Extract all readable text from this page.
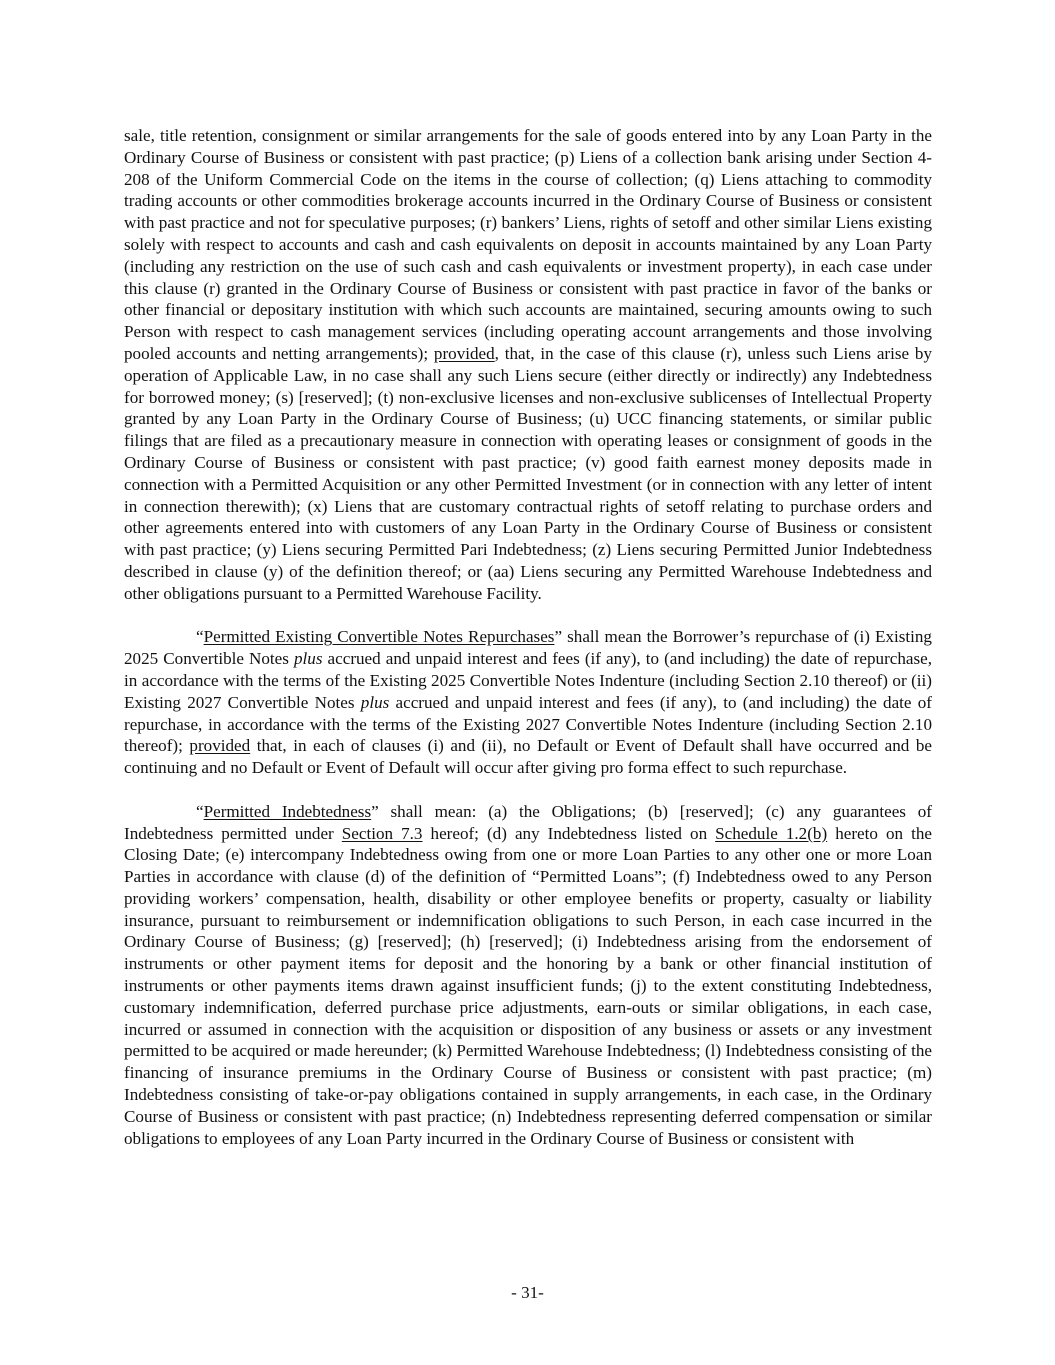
sale, title retention, consignment or similar arrangements for the sale of goods entered into by any Loan Party in the Ordinary Course of Business or consistent with past practice; (p) Liens of a collection bank arising under Section 4-208 of the Uniform Commercial Code on the items in the course of collection; (q) Liens attaching to commodity trading accounts or other commodities brokerage accounts incurred in the Ordinary Course of Business or consistent with past practice and not for speculative purposes; (r) bankers’ Liens, rights of setoff and other similar Liens existing solely with respect to accounts and cash and cash equivalents on deposit in accounts maintained by any Loan Party (including any restriction on the use of such cash and cash equivalents or investment property), in each case under this clause (r) granted in the Ordinary Course of Business or consistent with past practice in favor of the banks or other financial or depositary institution with which such accounts are maintained, securing amounts owing to such Person with respect to cash management services (including operating account arrangements and those involving pooled accounts and netting arrangements); provided, that, in the case of this clause (r), unless such Liens arise by operation of Applicable Law, in no case shall any such Liens secure (either directly or indirectly) any Indebtedness for borrowed money; (s) [reserved]; (t) non-exclusive licenses and non-exclusive sublicenses of Intellectual Property granted by any Loan Party in the Ordinary Course of Business; (u) UCC financing statements, or similar public filings that are filed as a precautionary measure in connection with operating leases or consignment of goods in the Ordinary Course of Business or consistent with past practice; (v) good faith earnest money deposits made in connection with a Permitted Acquisition or any other Permitted Investment (or in connection with any letter of intent in connection therewith); (x) Liens that are customary contractual rights of setoff relating to purchase orders and other agreements entered into with customers of any Loan Party in the Ordinary Course of Business or consistent with past practice; (y) Liens securing Permitted Pari Indebtedness; (z) Liens securing Permitted Junior Indebtedness described in clause (y) of the definition thereof; or (aa) Liens securing any Permitted Warehouse Indebtedness and other obligations pursuant to a Permitted Warehouse Facility.

“Permitted Existing Convertible Notes Repurchases” shall mean the Borrower’s repurchase of (i) Existing 2025 Convertible Notes plus accrued and unpaid interest and fees (if any), to (and including) the date of repurchase, in accordance with the terms of the Existing 2025 Convertible Notes Indenture (including Section 2.10 thereof) or (ii) Existing 2027 Convertible Notes plus accrued and unpaid interest and fees (if any), to (and including) the date of repurchase, in accordance with the terms of the Existing 2027 Convertible Notes Indenture (including Section 2.10 thereof); provided that, in each of clauses (i) and (ii), no Default or Event of Default shall have occurred and be continuing and no Default or Event of Default will occur after giving pro forma effect to such repurchase.

“Permitted Indebtedness” shall mean: (a) the Obligations; (b) [reserved]; (c) any guarantees of Indebtedness permitted under Section 7.3 hereof; (d) any Indebtedness listed on Schedule 1.2(b) hereto on the Closing Date; (e) intercompany Indebtedness owing from one or more Loan Parties to any other one or more Loan Parties in accordance with clause (d) of the definition of “Permitted Loans”; (f) Indebtedness owed to any Person providing workers’ compensation, health, disability or other employee benefits or property, casualty or liability insurance, pursuant to reimbursement or indemnification obligations to such Person, in each case incurred in the Ordinary Course of Business; (g) [reserved]; (h) [reserved]; (i) Indebtedness arising from the endorsement of instruments or other payment items for deposit and the honoring by a bank or other financial institution of instruments or other payments items drawn against insufficient funds; (j) to the extent constituting Indebtedness, customary indemnification, deferred purchase price adjustments, earn-outs or similar obligations, in each case, incurred or assumed in connection with the acquisition or disposition of any business or assets or any investment permitted to be acquired or made hereunder; (k) Permitted Warehouse Indebtedness; (l) Indebtedness consisting of the financing of insurance premiums in the Ordinary Course of Business or consistent with past practice; (m) Indebtedness consisting of take-or-pay obligations contained in supply arrangements, in each case, in the Ordinary Course of Business or consistent with past practice; (n) Indebtedness representing deferred compensation or similar obligations to employees of any Loan Party incurred in the Ordinary Course of Business or consistent with

- 31-
